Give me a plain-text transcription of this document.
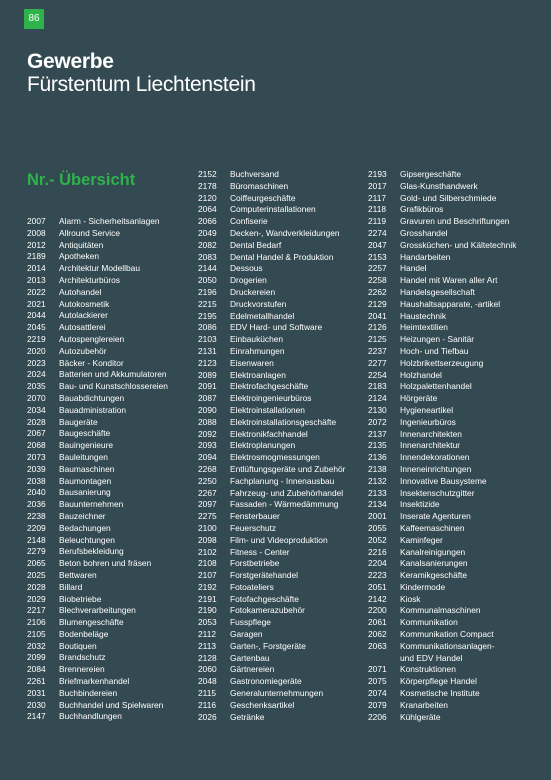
86
Gewerbe
Fürstentum Liechtenstein
Nr.- Übersicht
2007	Alarm - Sicherheitsanlagen
2008	Allround Service
2012	Antiquitäten
2189	Apotheken
2014	Architektur Modellbau
2013	Architekturbüros
2022	Autohandel
2021	Autokosmetik
2044	Autolackierer
2045	Autosattlerei
2219	Autospenglereien
2020	Autozubehör
2023	Bäcker - Konditor
2024	Batterien und Akkumulatoren
2035	Bau- und Kunstschlossereien
2070	Bauabdichtungen
2034	Bauadministration
2028	Baugeräte
2067	Baugeschäfte
2068	Bauingenieure
2073	Bauleitungen
2039	Baumaschinen
2038	Baumontagen
2040	Bausanierung
2036	Bauunternehmen
2238	Bauzeichner
2209	Bedachungen
2148	Beleuchtungen
2279	Berufsbekleidung
2065	Beton bohren und fräsen
2025	Bettwaren
2028	Billard
2029	Biobetriebe
2217	Blechverarbeitungen
2106	Blumengeschäfte
2105	Bodenbeläge
2032	Boutiquen
2099	Brandschutz
2084	Brennereien
2261	Briefmarkenhandel
2031	Buchbindereien
2030	Buchhandel und Spielwaren
2147	Buchhandlungen
2152	Buchversand
2178	Büromaschinen
2120	Coiffeurgeschäfte
2064	Computerinstallationen
2066	Confiserie
2049	Decken-, Wandverkleidungen
2082	Dental Bedarf
2083	Dental Handel & Produktion
2144	Dessous
2050	Drogerien
2196	Druckereien
2215	Druckvorstufen
2195	Edelmetallhandel
2086	EDV Hard- und Software
2103	Einbauküchen
2131	Einrahmungen
2123	Eisenwaren
2089	Elektroanlagen
2091	Elektrofachgeschäfte
2087	Elektroingenieurbüros
2090	Elektroinstallationen
2088	Elektroinstallationsgeschäfte
2092	Elektronikfachhandel
2093	Elektroplanungen
2094	Elektrosmogmessungen
2268	Entlüftungsgeräte und Zubehör
2250	Fachplanung - Innenausbau
2267	Fahrzeug- und Zubehörhandel
2097	Fassaden - Wärmedämmung
2275	Fensterbauer
2100	Feuerschutz
2098	Film- und Videoproduktion
2102	Fitness - Center
2108	Forstbetriebe
2107	Forstgerätehandel
2192	Fotoateliers
2191	Fotofachgeschäfte
2190	Fotokamerazubehör
2053	Fusspflege
2112	Garagen
2113	Garten-, Forstgeräte
2128	Gartenbau
2060	Gärtnereien
2048	Gastronomiegeräte
2115	Generalunternehmungen
2116	Geschenksartikel
2026	Getränke
2193	Gipsergeschäfte
2017	Glas-Kunsthandwerk
2117	Gold- und Silberschmiede
2118	Grafikbüros
2119	Gravuren und Beschriftungen
2274	Grosshandel
2047	Grossküchen- und Kältetechnik
2153	Handarbeiten
2257	Handel
2258	Handel mit Waren aller Art
2262	Handelsgesellschaft
2129	Haushaltsapparate, -artikel
2041	Haustechnik
2126	Heimtextilien
2125	Heizungen - Sanitär
2237	Hoch- und Tiefbau
2277	Holzbrikettserzeugung
2254	Holzhandel
2183	Holzpalettenhandel
2124	Hörgeräte
2130	Hygieneartikel
2072	Ingenieurbüros
2137	Innenarchitekten
2135	Innenarchitektur
2136	Innendekorationen
2138	Inneneinrichtungen
2132	Innovative Bausysteme
2133	Insektenschutzgitter
2134	Insektizide
2001	Inserate Agenturen
2055	Kaffeemaschinen
2052	Kaminfeger
2216	Kanalreinigungen
2204	Kanalsanierungen
2223	Keramikgeschäfte
2051	Kindermode
2142	Kiosk
2200	Kommunalmaschinen
2061	Kommunikation
2062	Kommunikation Compact
2063	Kommunikationsanlagen-
und EDV Handel
2071	Konstruktionen
2075	Körperpflege Handel
2074	Kosmetische Institute
2079	Kranarbeiten
2206	Kühlgeräte
